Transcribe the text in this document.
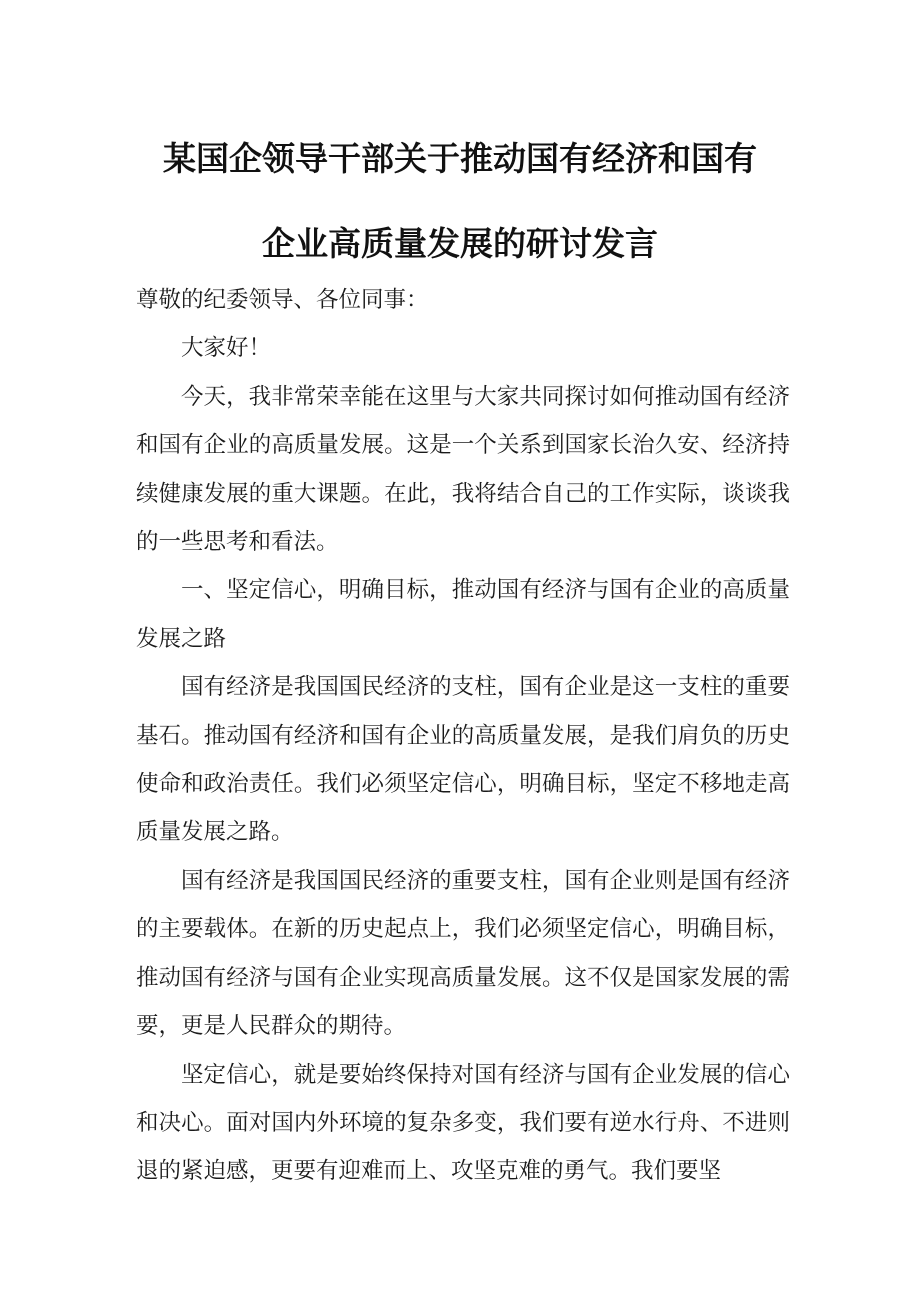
某国企领导干部关于推动国有经济和国有
企业高质量发展的研讨发言

尊敬的纪委领导、各位同事：

大家好！

今天，我非常荣幸能在这里与大家共同探讨如何推动国有经济和国有企业的高质量发展。这是一个关系到国家长治久安、经济持续健康发展的重大课题。在此，我将结合自己的工作实际，谈谈我的一些思考和看法。

一、坚定信心，明确目标，推动国有经济与国有企业的高质量发展之路

国有经济是我国国民经济的支柱，国有企业是这一支柱的重要基石。推动国有经济和国有企业的高质量发展，是我们肩负的历史使命和政治责任。我们必须坚定信心，明确目标，坚定不移地走高质量发展之路。

国有经济是我国国民经济的重要支柱，国有企业则是国有经济的主要载体。在新的历史起点上，我们必须坚定信心，明确目标，推动国有经济与国有企业实现高质量发展。这不仅是国家发展的需要，更是人民群众的期待。

坚定信心，就是要始终保持对国有经济与国有企业发展的信心和决心。面对国内外环境的复杂多变，我们要有逆水行舟、不进则退的紧迫感，更要有迎难而上、攻坚克难的勇气。我们要坚
